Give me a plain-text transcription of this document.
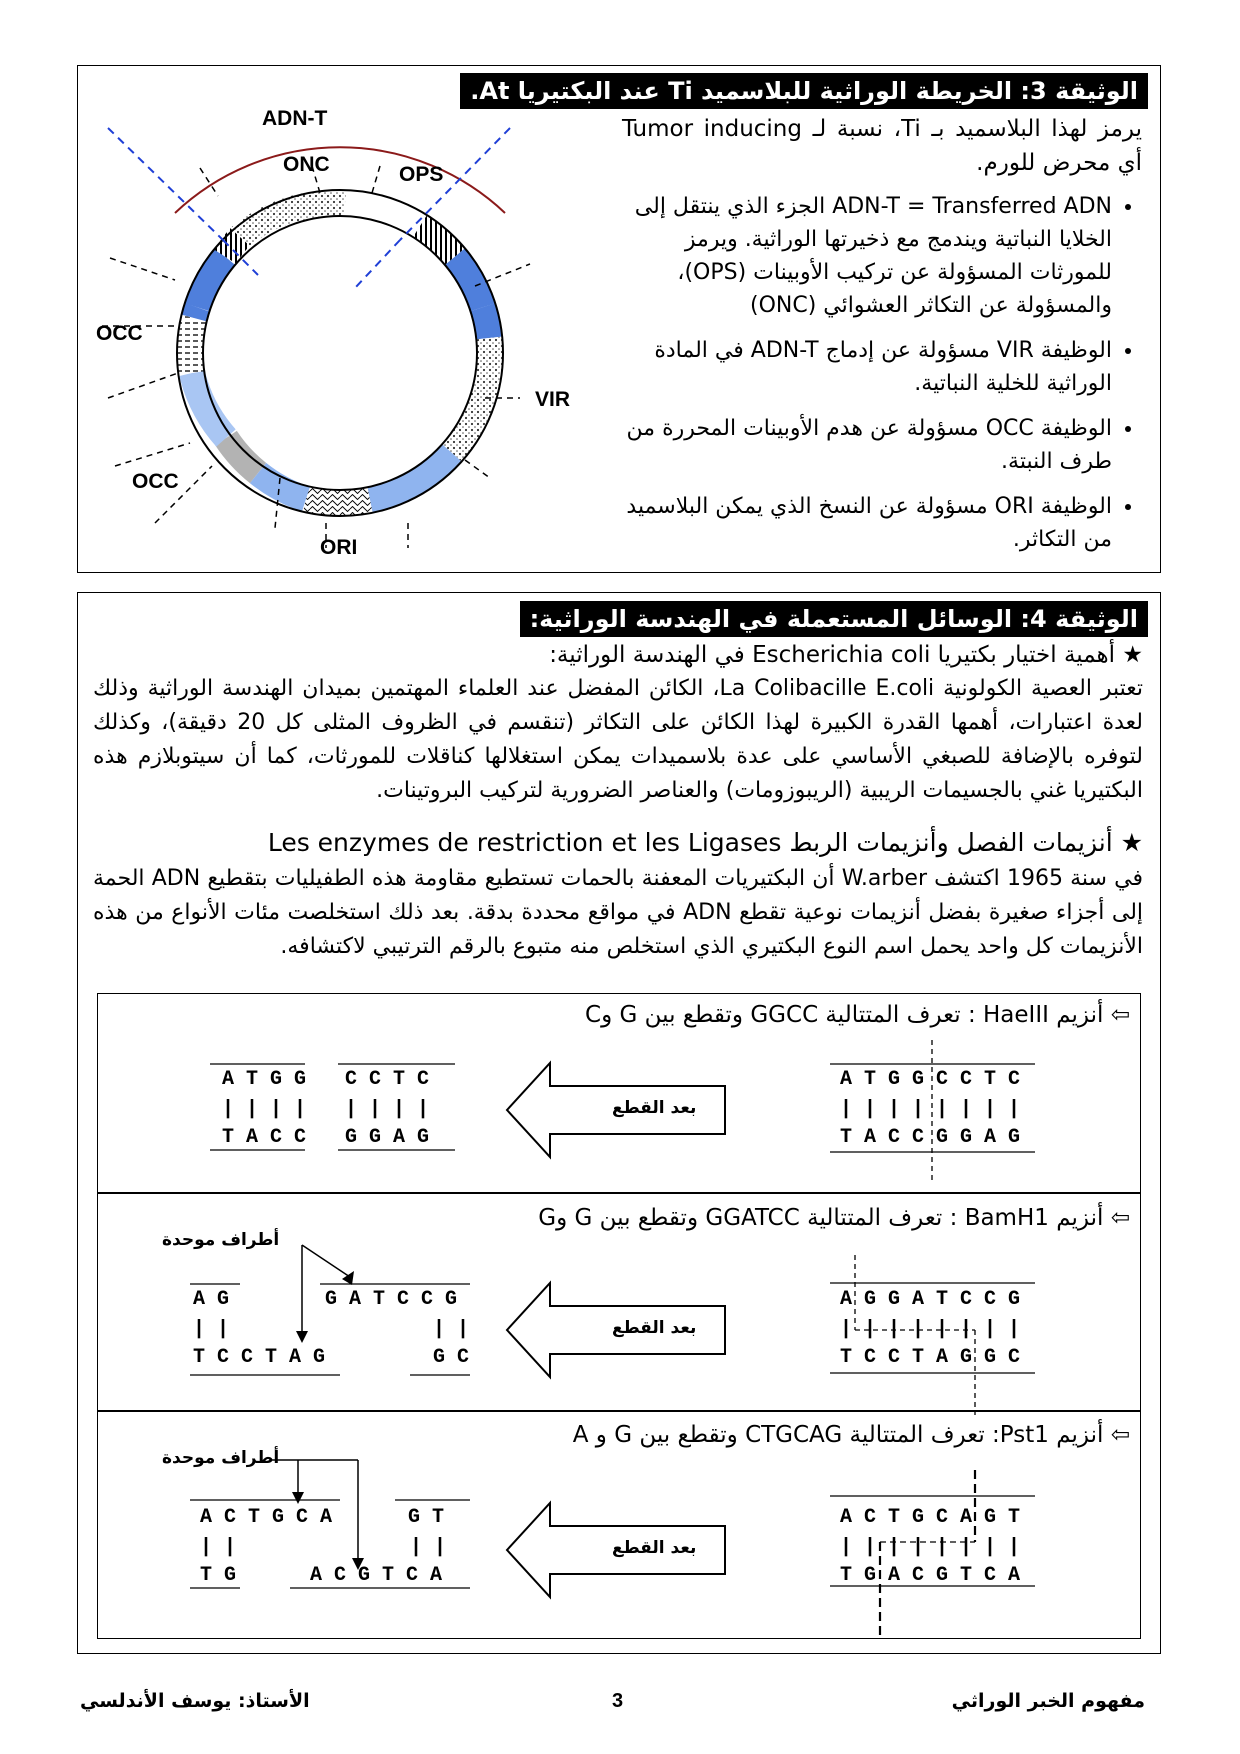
الوثيقة 3: الخريطة الوراثية للبلاسميد Ti عند البكتيريا At.
ADN-T
ONC	OPS
OCC
OCC
VIR
ORI
يرمز لهذا البلاسميد بـ Ti، نسبة لـ Tumor inducing أي محرض للورم.
• ADN-T = Transferred ADN الجزء الذي ينتقل إلى الخلايا النباتية ويندمج مع ذخيرتها الوراثية. ويرمز للمورثات المسؤولة عن تركيب الأوبينات (OPS)، والمسؤولة عن التكاثر العشوائي (ONC)
• الوظيفة VIR مسؤولة عن إدماج ADN-T في المادة الوراثية للخلية النباتية.
• الوظيفة OCC مسؤولة عن هدم الأوبينات المحررة من طرف النبتة.
• الوظيفة ORI مسؤولة عن النسخ الذي يمكن البلاسميد من التكاثر.
الوثيقة 4: الوسائل المستعملة في الهندسة الوراثية:
★ أهمية اختيار بكتيريا Escherichia coli في الهندسة الوراثية:
تعتبر العصية الكولونية La Colibacille E.coli، الكائن المفضل عند العلماء المهتمين بميدان الهندسة الوراثية وذلك لعدة اعتبارات، أهمها القدرة الكبيرة لهذا الكائن على التكاثر (تنقسم في الظروف المثلى كل 20 دقيقة)، وكذلك لتوفره بالإضافة للصبغي الأساسي على عدة بلاسميدات يمكن استغلالها كناقلات للمورثات، كما أن سيتوبلازم هذه البكتيريا غني بالجسيمات الريبية (الريبوزومات) والعناصر الضرورية لتركيب البروتينات.
★ أنزيمات الفصل وأنزيمات الربط Les enzymes de restriction et les Ligases
في سنة 1965 اكتشف W.arber أن البكتيريات المعفنة بالحمات تستطيع مقاومة هذه الطفيليات بتقطيع ADN الحمة إلى أجزاء صغيرة بفضل أنزيمات نوعية تقطع ADN في مواقع محددة بدقة. بعد ذلك استخلصت مئات الأنواع من هذه الأنزيمات كل واحد يحمل اسم النوع البكتيري الذي استخلص منه متبوع بالرقم الترتيبي لاكتشافه.
⇦ أنزيم HaeIII : تعرف المتتالية GGCC وتقطع بين G وC
A T G G
| | | |
T A C C
C C T C
| | | |
G G A G
بعد القطع
A T G G C C T C
| | | | | | | |
T A C C G G A G
⇦ أنزيم BamH1 : تعرف المتتالية GGATCC وتقطع بين G وG
أطراف موحدة
A G
| |
T C C T A G
G A T C C G
| |
G C
بعد القطع
A G G A T C C G
| | | | | | | |
T C C T A G G C
⇦ أنزيم Pst1: تعرف المتتالية CTGCAG وتقطع بين G و A
أطراف موحدة
A C T G C A
| |
T G
G T
| |
A C G T C A
بعد القطع
A C T G C A G T
| | | | | | | |
T G A C G T C A
مفهوم الخبر الوراثي
3
الأستاذ: يوسف الأندلسي
